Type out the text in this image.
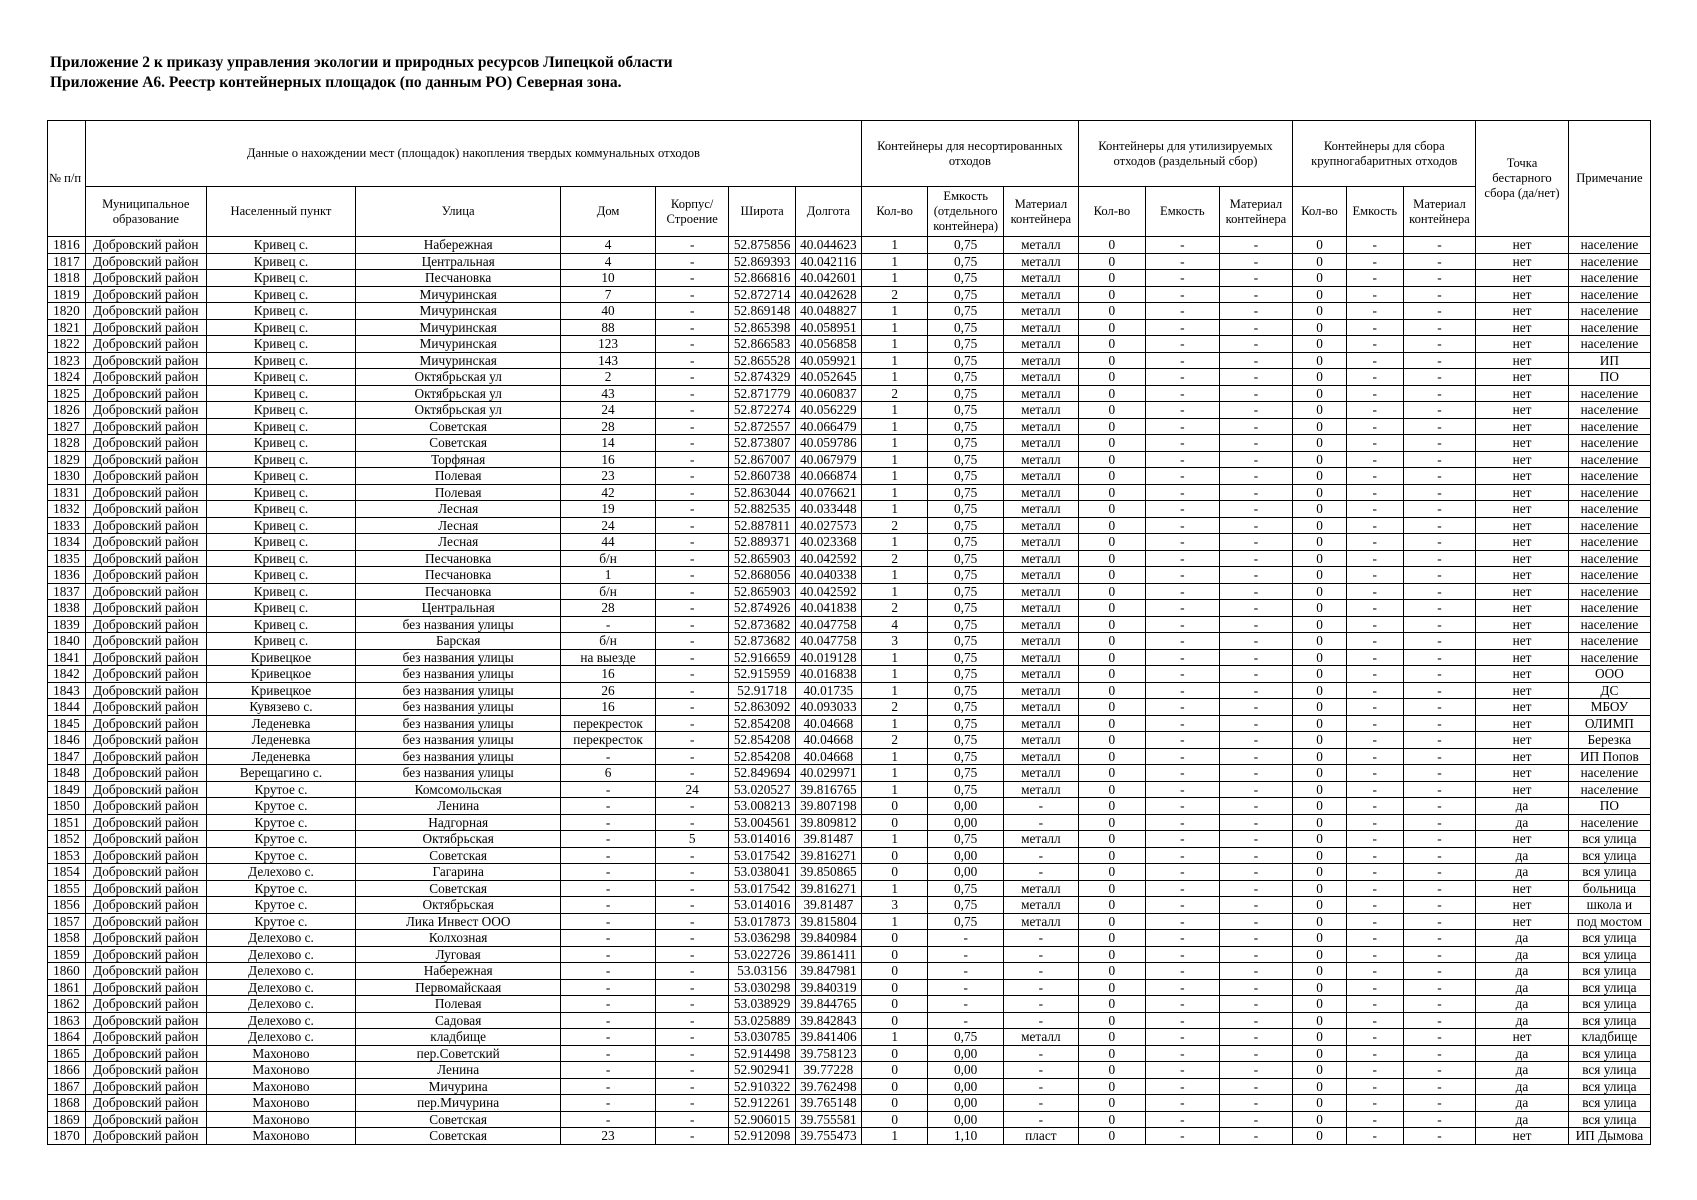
Приложение 2 к приказу управления экологии и природных ресурсов Липецкой области
Приложение А6. Реестр контейнерных площадок (по данным РО) Северная зона.
№ п/п	Данные о нахождении мест (площадок) накопления твердых коммунальных отходов							Контейнеры для несортированных отходов			Контейнеры для утилизируемых отходов (раздельный сбор)			Контейнеры для сбора крупногабаритных отходов			Точка бестарного сбора (да/нет)	Примечание
	Муниципальное образование	Населенный пункт	Улица	Дом	Корпус/ Строение	Широта	Долгота	Кол-во	Емкость (отдельного контейнера)	Материал контейнера	Кол-во	Емкость	Материал контейнера	Кол-во	Емкость	Материал контейнера		
1816	Добровский район	Кривец с.	Набережная	4	-	52.875856	40.044623	1	0,75	металл	0	-	-	0	-	-	нет	население
1817	Добровский район	Кривец с.	Центральная	4	-	52.869393	40.042116	1	0,75	металл	0	-	-	0	-	-	нет	население
1818	Добровский район	Кривец с.	Песчановка	10	-	52.866816	40.042601	1	0,75	металл	0	-	-	0	-	-	нет	население
1819	Добровский район	Кривец с.	Мичуринская	7	-	52.872714	40.042628	2	0,75	металл	0	-	-	0	-	-	нет	население
1820	Добровский район	Кривец с.	Мичуринская	40	-	52.869148	40.048827	1	0,75	металл	0	-	-	0	-	-	нет	население
1821	Добровский район	Кривец с.	Мичуринская	88	-	52.865398	40.058951	1	0,75	металл	0	-	-	0	-	-	нет	население
1822	Добровский район	Кривец с.	Мичуринская	123	-	52.866583	40.056858	1	0,75	металл	0	-	-	0	-	-	нет	население
1823	Добровский район	Кривец с.	Мичуринская	143	-	52.865528	40.059921	1	0,75	металл	0	-	-	0	-	-	нет	ИП
1824	Добровский район	Кривец с.	Октябрьская ул	2	-	52.874329	40.052645	1	0,75	металл	0	-	-	0	-	-	нет	ПО
1825	Добровский район	Кривец с.	Октябрьская ул	43	-	52.871779	40.060837	2	0,75	металл	0	-	-	0	-	-	нет	население
1826	Добровский район	Кривец с.	Октябрьская ул	24	-	52.872274	40.056229	1	0,75	металл	0	-	-	0	-	-	нет	население
1827	Добровский район	Кривец с.	Советская	28	-	52.872557	40.066479	1	0,75	металл	0	-	-	0	-	-	нет	население
1828	Добровский район	Кривец с.	Советская	14	-	52.873807	40.059786	1	0,75	металл	0	-	-	0	-	-	нет	население
1829	Добровский район	Кривец с.	Торфяная	16	-	52.867007	40.067979	1	0,75	металл	0	-	-	0	-	-	нет	население
1830	Добровский район	Кривец с.	Полевая	23	-	52.860738	40.066874	1	0,75	металл	0	-	-	0	-	-	нет	население
1831	Добровский район	Кривец с.	Полевая	42	-	52.863044	40.076621	1	0,75	металл	0	-	-	0	-	-	нет	население
1832	Добровский район	Кривец с.	Лесная	19	-	52.882535	40.033448	1	0,75	металл	0	-	-	0	-	-	нет	население
1833	Добровский район	Кривец с.	Лесная	24	-	52.887811	40.027573	2	0,75	металл	0	-	-	0	-	-	нет	население
1834	Добровский район	Кривец с.	Лесная	44	-	52.889371	40.023368	1	0,75	металл	0	-	-	0	-	-	нет	население
1835	Добровский район	Кривец с.	Песчановка	б/н	-	52.865903	40.042592	2	0,75	металл	0	-	-	0	-	-	нет	население
1836	Добровский район	Кривец с.	Песчановка	1	-	52.868056	40.040338	1	0,75	металл	0	-	-	0	-	-	нет	население
1837	Добровский район	Кривец с.	Песчановка	б/н	-	52.865903	40.042592	1	0,75	металл	0	-	-	0	-	-	нет	население
1838	Добровский район	Кривец с.	Центральная	28	-	52.874926	40.041838	2	0,75	металл	0	-	-	0	-	-	нет	население
1839	Добровский район	Кривец с.	без названия улицы	-	-	52.873682	40.047758	4	0,75	металл	0	-	-	0	-	-	нет	население
1840	Добровский район	Кривец с.	Барская	б/н	-	52.873682	40.047758	3	0,75	металл	0	-	-	0	-	-	нет	население
1841	Добровский район	Кривецкое	без названия улицы	на выезде	-	52.916659	40.019128	1	0,75	металл	0	-	-	0	-	-	нет	население
1842	Добровский район	Кривецкое	без названия улицы	16	-	52.915959	40.016838	1	0,75	металл	0	-	-	0	-	-	нет	ООО
1843	Добровский район	Кривецкое	без названия улицы	26	-	52.91718	40.01735	1	0,75	металл	0	-	-	0	-	-	нет	ДС
1844	Добровский район	Кувязево с.	без названия улицы	16	-	52.863092	40.093033	2	0,75	металл	0	-	-	0	-	-	нет	МБОУ
1845	Добровский район	Леденевка	без названия улицы	перекресток	-	52.854208	40.04668	1	0,75	металл	0	-	-	0	-	-	нет	ОЛИМП
1846	Добровский район	Леденевка	без названия улицы	перекресток	-	52.854208	40.04668	2	0,75	металл	0	-	-	0	-	-	нет	Березка
1847	Добровский район	Леденевка	без названия улицы	-	-	52.854208	40.04668	1	0,75	металл	0	-	-	0	-	-	нет	ИП Попов
1848	Добровский район	Верещагино с.	без названия улицы	6	-	52.849694	40.029971	1	0,75	металл	0	-	-	0	-	-	нет	население
1849	Добровский район	Крутое с.	Комсомольская	-	24	53.020527	39.816765	1	0,75	металл	0	-	-	0	-	-	нет	население
1850	Добровский район	Крутое с.	Ленина	-	-	53.008213	39.807198	0	0,00	-	0	-	-	0	-	-	да	ПО
1851	Добровский район	Крутое с.	Надгорная	-	-	53.004561	39.809812	0	0,00	-	0	-	-	0	-	-	да	население
1852	Добровский район	Крутое с.	Октябрьская	-	5	53.014016	39.81487	1	0,75	металл	0	-	-	0	-	-	нет	вся улица
1853	Добровский район	Крутое с.	Советская	-	-	53.017542	39.816271	0	0,00	-	0	-	-	0	-	-	да	вся улица
1854	Добровский район	Делехово с.	Гагарина	-	-	53.038041	39.850865	0	0,00	-	0	-	-	0	-	-	да	вся улица
1855	Добровский район	Крутое с.	Советская	-	-	53.017542	39.816271	1	0,75	металл	0	-	-	0	-	-	нет	больница
1856	Добровский район	Крутое с.	Октябрьская	-	-	53.014016	39.81487	3	0,75	металл	0	-	-	0	-	-	нет	школа и
1857	Добровский район	Крутое с.	Лика Инвест ООО	-	-	53.017873	39.815804	1	0,75	металл	0	-	-	0	-	-	нет	под мостом
1858	Добровский район	Делехово с.	Колхозная	-	-	53.036298	39.840984	0	-	-	0	-	-	0	-	-	да	вся улица
1859	Добровский район	Делехово с.	Луговая	-	-	53.022726	39.861411	0	-	-	0	-	-	0	-	-	да	вся улица
1860	Добровский район	Делехово с.	Набережная	-	-	53.03156	39.847981	0	-	-	0	-	-	0	-	-	да	вся улица
1861	Добровский район	Делехово с.	Первомайскаая	-	-	53.030298	39.840319	0	-	-	0	-	-	0	-	-	да	вся улица
1862	Добровский район	Делехово с.	Полевая	-	-	53.038929	39.844765	0	-	-	0	-	-	0	-	-	да	вся улица
1863	Добровский район	Делехово с.	Садовая	-	-	53.025889	39.842843	0	-	-	0	-	-	0	-	-	да	вся улица
1864	Добровский район	Делехово с.	кладбище	-	-	53.030785	39.841406	1	0,75	металл	0	-	-	0	-	-	нет	кладбище
1865	Добровский район	Махоново	пер.Советский	-	-	52.914498	39.758123	0	0,00	-	0	-	-	0	-	-	да	вся улица
1866	Добровский район	Махоново	Ленина	-	-	52.902941	39.77228	0	0,00	-	0	-	-	0	-	-	да	вся улица
1867	Добровский район	Махоново	Мичурина	-	-	52.910322	39.762498	0	0,00	-	0	-	-	0	-	-	да	вся улица
1868	Добровский район	Махоново	пер.Мичурина	-	-	52.912261	39.765148	0	0,00	-	0	-	-	0	-	-	да	вся улица
1869	Добровский район	Махоново	Советская	-	-	52.906015	39.755581	0	0,00	-	0	-	-	0	-	-	да	вся улица
1870	Добровский район	Махоново	Советская	23	-	52.912098	39.755473	1	1,10	пласт	0	-	-	0	-	-	нет	ИП Дымова
